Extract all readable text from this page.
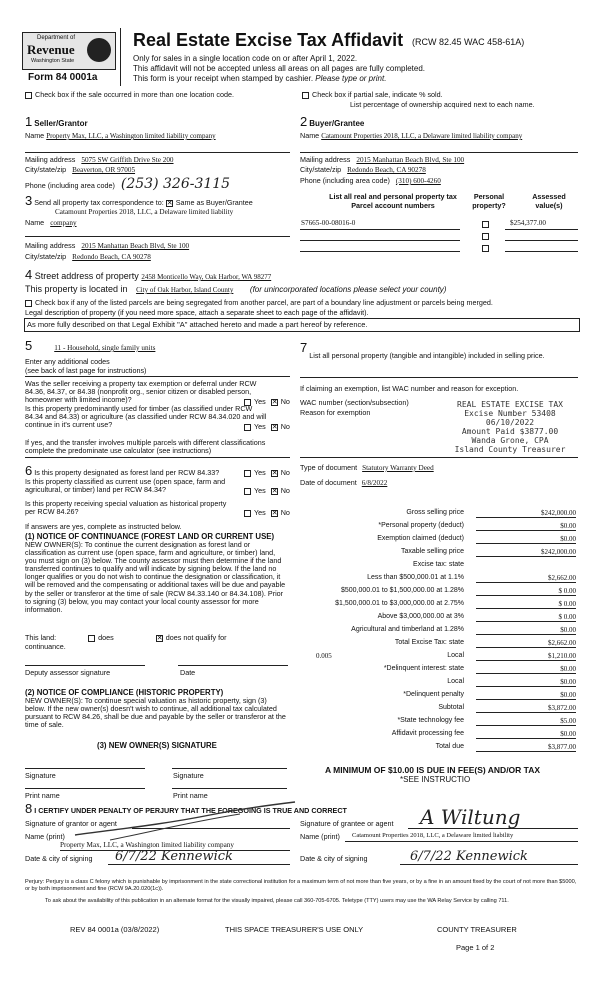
Department of
Revenue
Washington State
Form 84 0001a
Real Estate Excise Tax Affidavit (RCW 82.45 WAC 458-61A)
Only for sales in a single location code on or after April 1, 2022.
This affidavit will not be accepted unless all areas on all pages are fully completed.
This form is your receipt when stamped by cashier. Please type or print.
Check box if the sale occurred in more than one location code.	Check box if partial sale, indicate % sold.
List percentage of ownership acquired next to each name.
1 Seller/Grantor
Name Property Max, LLC, a Washington limited liability company
Mailing address 5075 SW Griffith Drive Ste 200
City/state/zip Beaverton, OR 97005
Phone (including area code) (253) 326-3115
2 Buyer/Grantee
Name Catamount Properties 2018, LLC, a Delaware limited liability company
Mailing address 2015 Manhattan Beach Blvd, Ste 100
City/state/zip Redondo Beach, CA 90278
Phone (including area code) (310) 600-4260
3 Send all property tax correspondence to: ✕ Same as Buyer/Grantee
Catamount Properties 2018, LLC, a Delaware limited liability
Name company
Mailing address 2015 Manhattan Beach Blvd, Ste 100
City/state/zip Redondo Beach, CA 90278
List all real and personal property tax
Parcel account numbers
Personal
property?
Assessed
value(s)
S7665-00-08016-0	$254,377.00
4 Street address of property 2458 Monticello Way, Oak Harbor, WA 98277
This property is located in City of Oak Harbor, Island County (for unincorporated locations please select your county)
Check box if any of the listed parcels are being segregated from another parcel, are part of a boundary line adjustment or parcels being merged.
Legal description of property (if you need more space, attach a separate sheet to each page of the affidavit).
As more fully described on that Legal Exhibit "A" attached hereto and made a part hereof by reference.
5	11 - Household, single family units
Enter any additional codes
(see back of last page for instructions)
Was the seller receiving a property tax exemption or deferral under RCW 84.36, 84.37, or 84.38 (nonprofit org., senior citizen or disabled person, homeowner with limited income)?	Yes ✕ No
Is this property predominantly used for timber (as classified under RCW 84.34 and 84.33) or agriculture (as classified under RCW 84.34.020 and will continue in it's current use?	Yes ✕ No
If yes, and the transfer involves multiple parcels with different classifications complete the predominate use calculator (see instructions)
6 Is this property designated as forest land per RCW 84.33?	Yes ✕ No
Is this property classified as current use (open space, farm and agricultural, or timber) land per RCW 84.34?	Yes ✕ No
Is this property receiving special valuation as historical property per RCW 84.26?	Yes ✕ No
If answers are yes, complete as instructed below.
(1) NOTICE OF CONTINUANCE (FOREST LAND OR CURRENT USE)
NEW OWNER(S): To continue the current designation as forest land or classification as current use (open space, farm and agriculture, or timber) land, you must sign on (3) below. The county assessor must then determine if the land transferred continues to qualify and will indicate by signing below. If the land no longer qualifies or you do not wish to continue the designation or classification, it will be removed and the compensating or additional taxes will be due and payable by the seller or transferor at the time of sale (RCW 84.33.140 or 84.34.108). Prior to signing (3) below, you may contact your local county assessor for more information.
This land:	does	✕ does not qualify for
continuance.
Deputy assessor signature	Date
(2) NOTICE OF COMPLIANCE (HISTORIC PROPERTY)
NEW OWNER(S): To continue special valuation as historic property, sign (3) below. If the new owner(s) doesn't wish to continue, all additional tax calculated pursuant to RCW 84.26, shall be due and payable by the seller or transferor at the time of sale.
(3) NEW OWNER(S) SIGNATURE
Signature	Signature
Print name	Print name
7 List all personal property (tangible and intangible) included in selling price.
If claiming an exemption, list WAC number and reason for exception.
WAC number (section/subsection)
Reason for exemption
REAL ESTATE EXCISE TAX
Excise Number 53408
06/10/2022
Amount Paid $3877.00
Wanda Grone, CPA
Island County Treasurer
Type of document Statutory Warranty Deed
Date of document 6/8/2022
Gross selling price	$242,000.00
*Personal property (deduct)	$0.00
Exemption claimed (deduct)	$0.00
Taxable selling price	$242,000.00
Excise tax: state
Less than $500,000.01 at 1.1%	$2,662.00
$500,000.01 to $1,500,000.00 at 1.28%	$ 0.00
$1,500,000.01 to $3,000,000.00 at 2.75%	$ 0.00
Above $3,000,000.00 at 3%	$ 0.00
Agricultural and timberland at 1.28%	$0.00
Total Excise Tax: state	$2,662.00
0.005	Local	$1,210.00
*Delinquent interest: state	$0.00
Local	$0.00
*Delinquent penalty	$0.00
Subtotal	$3,872.00
*State technology fee	$5.00
Affidavit processing fee	$0.00
Total due	$3,877.00
A MINIMUM OF $10.00 IS DUE IN FEE(S) AND/OR TAX
*SEE INSTRUCTIO
8 I CERTIFY UNDER PENALTY OF PERJURY THAT THE FOREGOING IS TRUE AND CORRECT
Signature of grantor or agent
Name (print)
Property Max, LLC, a Washington limited liability company
Date & city of signing 6/7/22 Kennewick
Signature of grantee or agent A Wiltung
Name (print) Catamount Properties 2018, LLC, a Delaware limited liability
Date & city of signing	6/7/22 Kennewick
Perjury: Perjury is a class C felony which is punishable by imprisonment in the state correctional institution for a maximum term of not more than five years, or by a fine in an amount fixed by the court of not more than $5000, or by both imprisonment and fine (RCW 9A.20.020(1c)).
To ask about the availability of this publication in an alternate format for the visually impaired, please call 360-705-6705. Teletype (TTY) users may use the WA Relay Service by calling 711.
REV 84 0001a (03/8/2022)	THIS SPACE TREASURER'S USE ONLY	COUNTY TREASURER
Page 1 of 2
